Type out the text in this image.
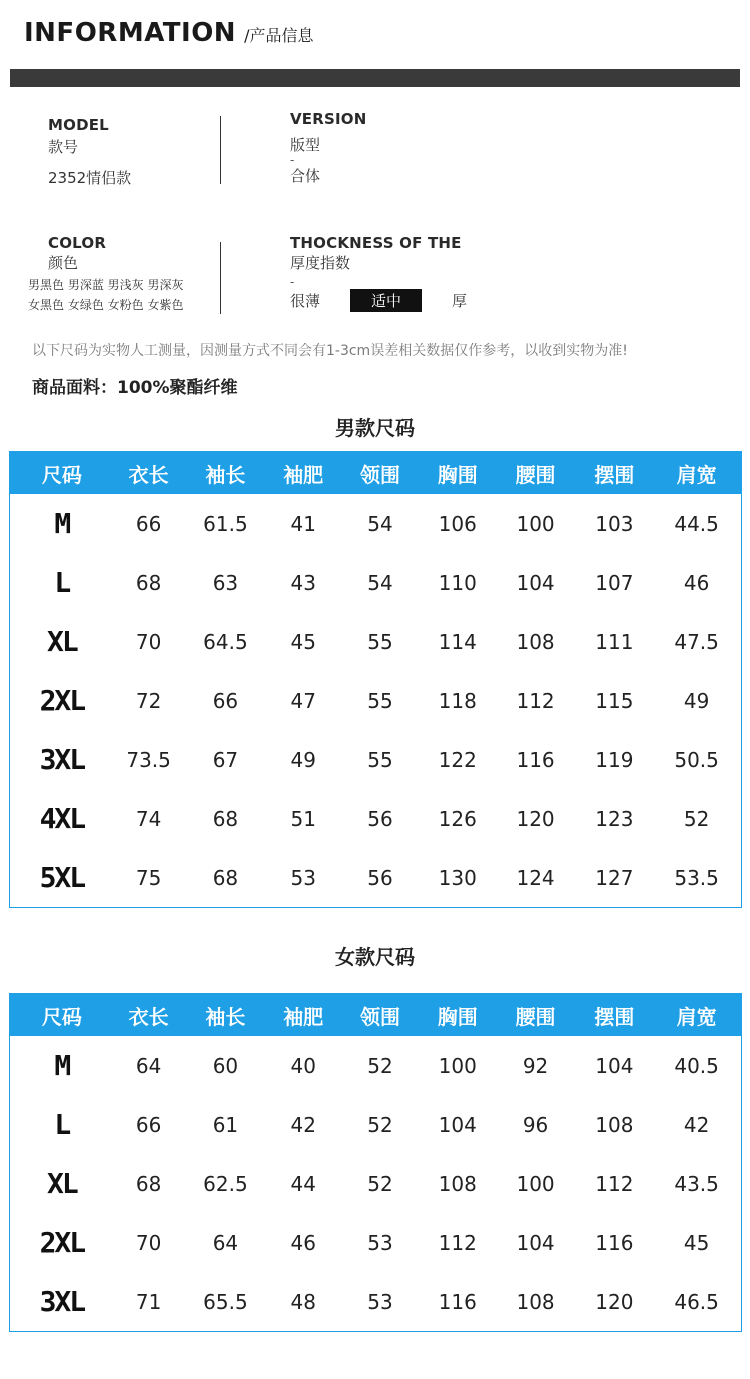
INFORMATION /产品信息
MODEL
款号
2352情侣款
VERSION
版型
-
合体
COLOR
颜色
男黑色 男深蓝 男浅灰 男深灰
女黑色 女绿色 女粉色 女紫色
THOCKNESS OF THE
厚度指数
-
很薄	适中	厚
以下尺码为实物人工测量，因测量方式不同会有1-3cm误差相关数据仅作参考，以收到实物为准!
商品面料：100%聚酯纤维
男款尺码
尺码	衣长	袖长	袖肥	领围	胸围	腰围	摆围	肩宽
M	66	61.5	41	54	106	100	103	44.5
L	68	63	43	54	110	104	107	46
XL	70	64.5	45	55	114	108	111	47.5
2XL	72	66	47	55	118	112	115	49
3XL	73.5	67	49	55	122	116	119	50.5
4XL	74	68	51	56	126	120	123	52
5XL	75	68	53	56	130	124	127	53.5
女款尺码
尺码	衣长	袖长	袖肥	领围	胸围	腰围	摆围	肩宽
M	64	60	40	52	100	92	104	40.5
L	66	61	42	52	104	96	108	42
XL	68	62.5	44	52	108	100	112	43.5
2XL	70	64	46	53	112	104	116	45
3XL	71	65.5	48	53	116	108	120	46.5
